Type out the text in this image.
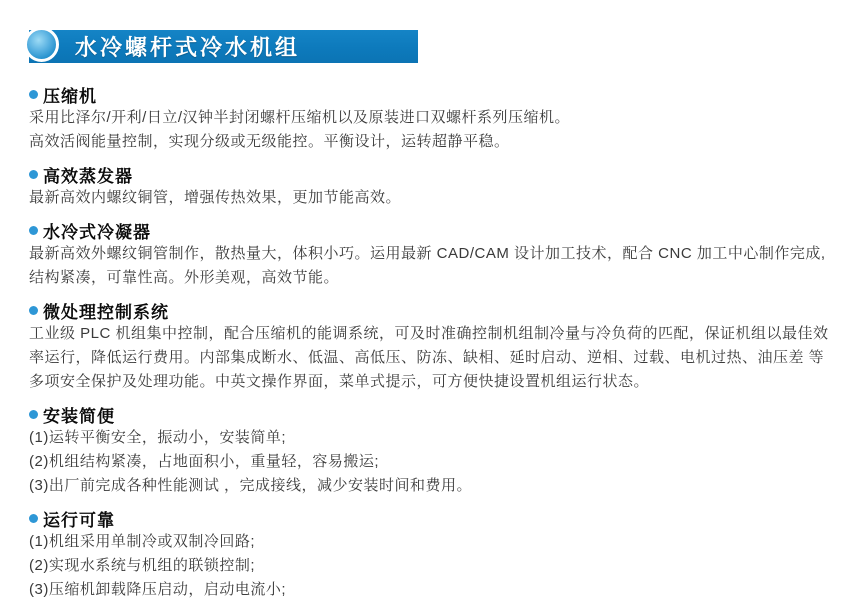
水冷螺杆式冷水机组
压缩机
采用比泽尔/开利/日立/汉钟半封闭螺杆压缩机以及原装进口双螺杆系列压缩机。
高效活阀能量控制，实现分级或无级能控。平衡设计，运转超静平稳。
高效蒸发器
最新高效内螺纹铜管，增强传热效果，更加节能高效。
水冷式冷凝器
最新高效外螺纹铜管制作，散热量大，体积小巧。运用最新 CAD/CAM 设计加工技术，配合 CNC 加工中心制作完成,
结构紧凑，可靠性高。外形美观，高效节能。
微处理控制系统
工业级 PLC 机组集中控制，配合压缩机的能调系统，可及时准确控制机组制冷量与冷负荷的匹配，保证机组以最佳效
率运行，降低运行费用。内部集成断水、低温、高低压、防冻、缺相、延时启动、逆相、过载、电机过热、油压差 等
多项安全保护及处理功能。中英文操作界面，菜单式提示，可方便快捷设置机组运行状态。
安装简便
(1)运转平衡安全，振动小，安装简单;
(2)机组结构紧凑，占地面积小，重量轻，容易搬运;
(3)出厂前完成各种性能测试 ，完成接线，减少安装时间和费用。
运行可靠
(1)机组采用单制冷或双制冷回路;
(2)实现水系统与机组的联锁控制;
(3)压缩机卸载降压启动，启动电流小;
